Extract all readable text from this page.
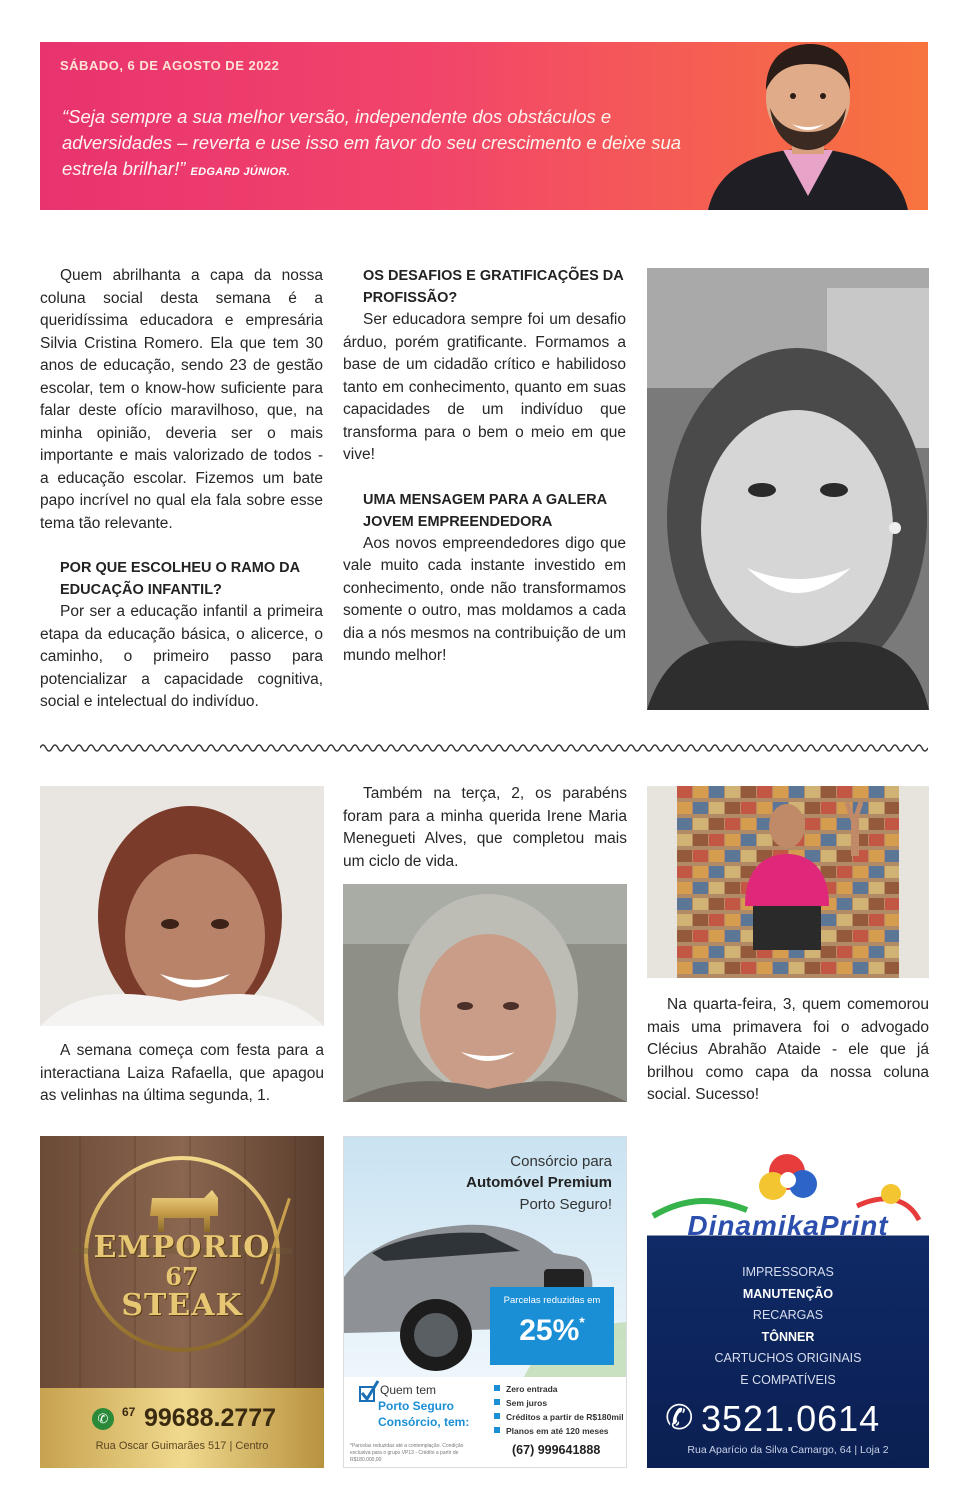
SÁBADO, 6 DE AGOSTO DE 2022
“Seja sempre a sua melhor versão, independente dos obstáculos e adversidades – reverta e use isso em favor do seu crescimento e deixe sua estrela brilhar!” EDGARD JÚNIOR.

Quem abrilhanta a capa da nossa coluna social desta semana é a queridíssima educadora e empresária Silvia Cristina Romero. Ela que tem 30 anos de educação, sendo 23 de gestão escolar, tem o know-how suficiente para falar deste ofício maravilhoso, que, na minha opinião, deveria ser o mais importante e mais valorizado de todos - a educação escolar. Fizemos um bate papo incrível no qual ela fala sobre esse tema tão relevante.

POR QUE ESCOLHEU O RAMO DA EDUCAÇÃO INFANTIL?

Por ser a educação infantil a primeira etapa da educação básica, o alicerce, o caminho, o primeiro passo para potencializar a capacidade cognitiva, social e intelectual do indivíduo.

OS DESAFIOS E GRATIFICAÇÕES DA PROFISSÃO?

Ser educadora sempre foi um desafio árduo, porém gratificante. Formamos a base de um cidadão crítico e habilidoso tanto em conhecimento, quanto em suas capacidades de um indivíduo que transforma para o bem o meio em que vive!

UMA MENSAGEM PARA A GALERA JOVEM EMPREENDEDORA

Aos novos empreendedores digo que vale muito cada instante investido em conhecimento, onde não transformamos somente o outro, mas moldamos a cada dia a nós mesmos na contribuição de um mundo melhor!

A semana começa com festa para a interactiana Laiza Rafaella, que apagou as velinhas na última segunda, 1.

Também na terça, 2, os parabéns foram para a minha querida Irene Maria Menegueti Alves, que completou mais um ciclo de vida.

Na quarta-feira, 3, quem comemorou mais uma primavera foi o advogado Clécius Abrahão Ataide - ele que já brilhou como capa da nossa coluna social. Sucesso!

EMPORIO
67
STEAK
✆	67 99688.2777
Rua Oscar Guimarães 517 | Centro
Consórcio para
Automóvel Premium
Porto Seguro!
Parcelas reduzidas em
25%*
Quem tem
Porto Seguro
Consórcio, tem:
Zero entrada
Sem juros
Créditos a partir de R$180mil
Planos em até 120 meses
*Parcelas reduzidas até a contemplação. Condição exclusiva para o grupo VP13 - Crédito a partir de R$180.000,00
(67) 999641888
DinamikaPrint
IMPRESSORAS
MANUTENÇÃO
RECARGAS
TÔNNER
CARTUCHOS ORIGINAIS
E COMPATÍVEIS
✆ 3521.0614
Rua Aparício da Silva Camargo, 64 | Loja 2
